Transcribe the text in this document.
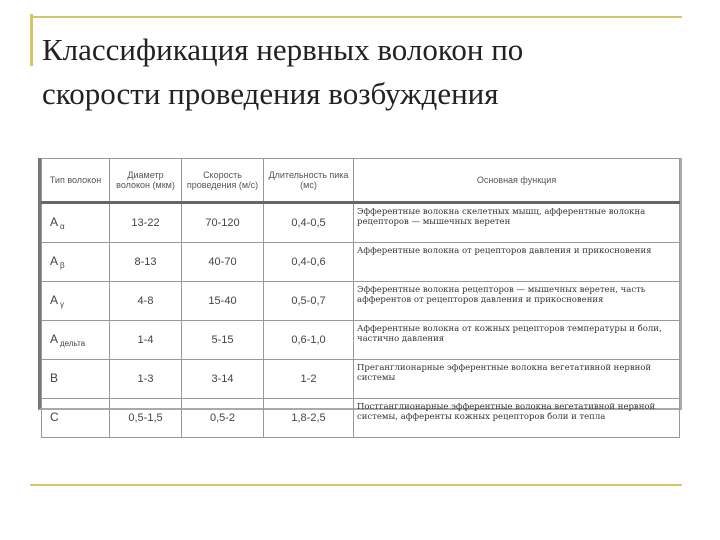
Классификация нервных волокон по
скорости проведения возбуждения
Тип волокон	Диаметр волокон (мкм)	Скорость проведения (м/с)	Длительность пика (мс)	Основная функция
A $_\alpha$	13-22	70-120	0,4-0,5	Эфферентные волокна скелетных мышц, афферентные волокна рецепторов — мышечных веретен
A $_\beta$	8-13	40-70	0,4-0,6	Афферентные волокна от рецепторов давления и прикосновения
A $_\gamma$	4-8	15-40	0,5-0,7	Эфферентные волокна рецепторов — мышечных веретен, часть афферентов от рецепторов давления и прикосновения
A $_{дельта}$	1-4	5-15	0,6-1,0	Афферентные волокна от кожных рецепторов температуры и боли, частично давления
B	1-3	3-14	1-2	Преганглионарные эфферентные волокна вегетативной нервной системы
C	0,5-1,5	0,5-2	1,8-2,5	Постганглионарные эфферентные волокна вегетативной нервной системы, афференты кожных рецепторов боли и тепла
